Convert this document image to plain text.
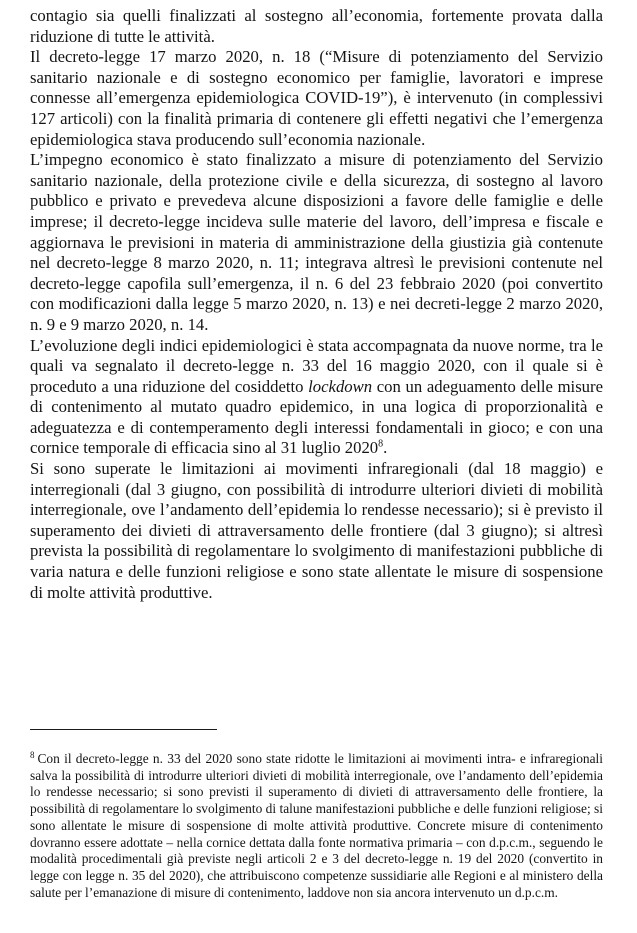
contagio sia quelli finalizzati al sostegno all’economia, fortemente provata dalla riduzione di tutte le attività.

Il decreto-legge 17 marzo 2020, n. 18 (“Misure di potenziamento del Servizio sanitario nazionale e di sostegno economico per famiglie, lavoratori e imprese connesse all’emergenza epidemiologica COVID-19”), è intervenuto (in complessivi 127 articoli) con la finalità primaria di contenere gli effetti negativi che l’emergenza epidemiologica stava producendo sull’economia nazionale.

L’impegno economico è stato finalizzato a misure di potenziamento del Servizio sanitario nazionale, della protezione civile e della sicurezza, di sostegno al lavoro pubblico e privato e prevedeva alcune disposizioni a favore delle famiglie e delle imprese; il decreto-legge incideva sulle materie del lavoro, dell’impresa e fiscale e aggiornava le previsioni in materia di amministrazione della giustizia già contenute nel decreto-legge 8 marzo 2020, n. 11; integrava altresì le previsioni contenute nel decreto-legge capofila sull’emergenza, il n. 6 del 23 febbraio 2020 (poi convertito con modificazioni dalla legge 5 marzo 2020, n. 13) e nei decreti-legge 2 marzo 2020, n. 9 e 9 marzo 2020, n. 14.

L’evoluzione degli indici epidemiologici è stata accompagnata da nuove norme, tra le quali va segnalato il decreto-legge n. 33 del 16 maggio 2020, con il quale si è proceduto a una riduzione del cosiddetto lockdown con un adeguamento delle misure di contenimento al mutato quadro epidemico, in una logica di proporzionalità e adeguatezza e di contemperamento degli interessi fondamentali in gioco; e con una cornice temporale di efficacia sino al 31 luglio 2020$^8$.

Si sono superate le limitazioni ai movimenti infraregionali (dal 18 maggio) e interregionali (dal 3 giugno, con possibilità di introdurre ulteriori divieti di mobilità interregionale, ove l’andamento dell’epidemia lo rendesse necessario); si è previsto il superamento dei divieti di attraversamento delle frontiere (dal 3 giugno); si altresì prevista la possibilità di regolamentare lo svolgimento di manifestazioni pubbliche di varia natura e delle funzioni religiose e sono state allentate le misure di sospensione di molte attività produttive.

$^8$ Con il decreto-legge n. 33 del 2020 sono state ridotte le limitazioni ai movimenti intra- e infraregionali salva la possibilità di introdurre ulteriori divieti di mobilità interregionale, ove l’andamento dell’epidemia lo rendesse necessario; si sono previsti il superamento di divieti di attraversamento delle frontiere, la possibilità di regolamentare lo svolgimento di talune manifestazioni pubbliche e delle funzioni religiose; si sono allentate le misure di sospensione di molte attività produttive. Concrete misure di contenimento dovranno essere adottate – nella cornice dettata dalla fonte normativa primaria – con d.p.c.m., seguendo le modalità procedimentali già previste negli articoli 2 e 3 del decreto-legge n. 19 del 2020 (convertito in legge con legge n. 35 del 2020), che attribuiscono competenze sussidiarie alle Regioni e al ministero della salute per l’emanazione di misure di contenimento, laddove non sia ancora intervenuto un d.p.c.m.
